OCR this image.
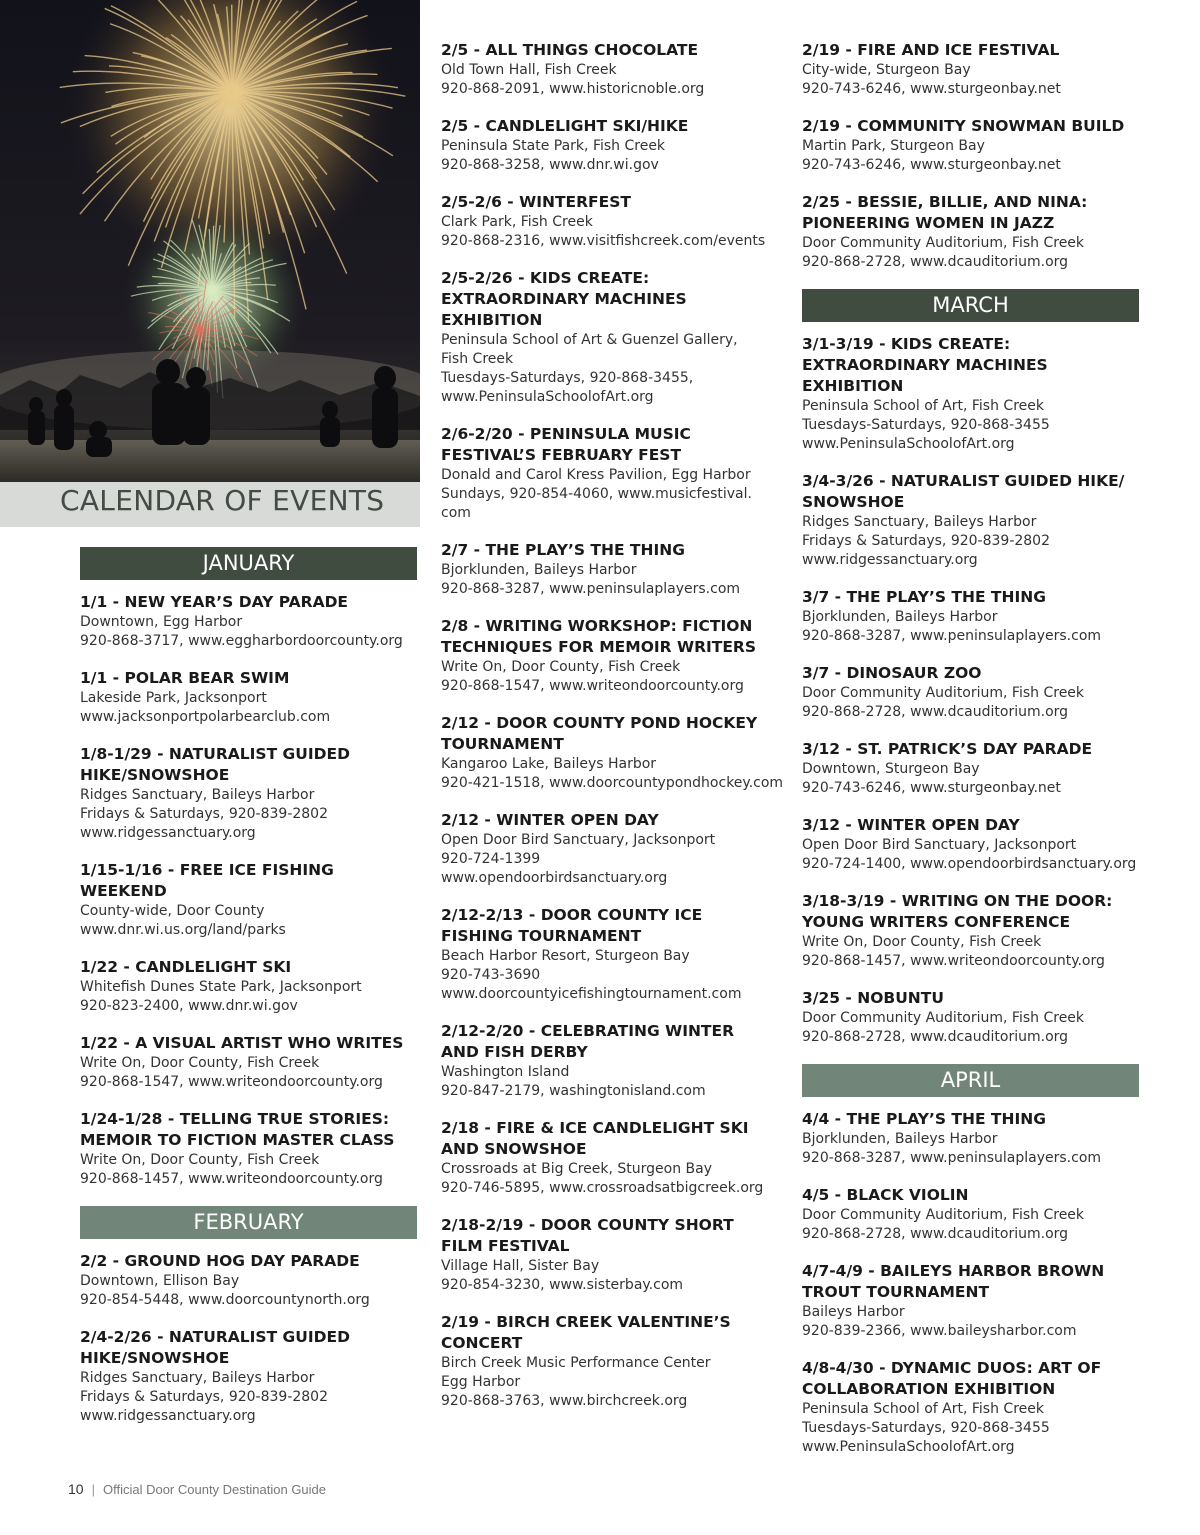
CALENDAR OF EVENTS
JANUARY
1/1 - NEW YEAR’S DAY PARADE
Downtown, Egg Harbor
920-868-3717, www.eggharbordoorcounty.org
1/1 - POLAR BEAR SWIM
Lakeside Park, Jacksonport
www.jacksonportpolarbearclub.com
1/8-1/29 - NATURALIST GUIDED
HIKE/SNOWSHOE
Ridges Sanctuary, Baileys Harbor
Fridays & Saturdays, 920-839-2802
www.ridgessanctuary.org
1/15-1/16 - FREE ICE FISHING
WEEKEND
County-wide, Door County
www.dnr.wi.us.org/land/parks
1/22 - CANDLELIGHT SKI
Whitefish Dunes State Park, Jacksonport
920-823-2400, www.dnr.wi.gov
1/22 - A VISUAL ARTIST WHO WRITES
Write On, Door County, Fish Creek
920-868-1547, www.writeondoorcounty.org
1/24-1/28 - TELLING TRUE STORIES:
MEMOIR TO FICTION MASTER CLASS
Write On, Door County, Fish Creek
920-868-1457, www.writeondoorcounty.org
FEBRUARY
2/2 - GROUND HOG DAY PARADE
Downtown, Ellison Bay
920-854-5448, www.doorcountynorth.org
2/4-2/26 - NATURALIST GUIDED
HIKE/SNOWSHOE
Ridges Sanctuary, Baileys Harbor
Fridays & Saturdays, 920-839-2802
www.ridgessanctuary.org
2/5 - ALL THINGS CHOCOLATE
Old Town Hall, Fish Creek
920-868-2091, www.historicnoble.org
2/5 - CANDLELIGHT SKI/HIKE
Peninsula State Park, Fish Creek
920-868-3258, www.dnr.wi.gov
2/5-2/6 - WINTERFEST
Clark Park, Fish Creek
920-868-2316, www.visitfishcreek.com/events
2/5-2/26 - KIDS CREATE:
EXTRAORDINARY MACHINES
EXHIBITION
Peninsula School of Art & Guenzel Gallery,
Fish Creek
Tuesdays-Saturdays, 920-868-3455,
www.PeninsulaSchoolofArt.org
2/6-2/20 - PENINSULA MUSIC
FESTIVAL’S FEBRUARY FEST
Donald and Carol Kress Pavilion, Egg Harbor
Sundays, 920-854-4060, www.musicfestival.
com
2/7 - THE PLAY’S THE THING
Bjorklunden, Baileys Harbor
920-868-3287, www.peninsulaplayers.com
2/8 - WRITING WORKSHOP: FICTION
TECHNIQUES FOR MEMOIR WRITERS
Write On, Door County, Fish Creek
920-868-1547, www.writeondoorcounty.org
2/12 - DOOR COUNTY POND HOCKEY
TOURNAMENT
Kangaroo Lake, Baileys Harbor
920-421-1518, www.doorcountypondhockey.com
2/12 - WINTER OPEN DAY
Open Door Bird Sanctuary, Jacksonport
920-724-1399
www.opendoorbirdsanctuary.org
2/12-2/13 - DOOR COUNTY ICE
FISHING TOURNAMENT
Beach Harbor Resort, Sturgeon Bay
920-743-3690
www.doorcountyicefishingtournament.com
2/12-2/20 - CELEBRATING WINTER
AND FISH DERBY
Washington Island
920-847-2179, washingtonisland.com
2/18 - FIRE & ICE CANDLELIGHT SKI
AND SNOWSHOE
Crossroads at Big Creek, Sturgeon Bay
920-746-5895, www.crossroadsatbigcreek.org
2/18-2/19 - DOOR COUNTY SHORT
FILM FESTIVAL
Village Hall, Sister Bay
920-854-3230, www.sisterbay.com
2/19 - BIRCH CREEK VALENTINE’S
CONCERT
Birch Creek Music Performance Center
Egg Harbor
920-868-3763, www.birchcreek.org
2/19 - FIRE AND ICE FESTIVAL
City-wide, Sturgeon Bay
920-743-6246, www.sturgeonbay.net
2/19 - COMMUNITY SNOWMAN BUILD
Martin Park, Sturgeon Bay
920-743-6246, www.sturgeonbay.net
2/25 - BESSIE, BILLIE, AND NINA:
PIONEERING WOMEN IN JAZZ
Door Community Auditorium, Fish Creek
920-868-2728, www.dcauditorium.org
MARCH
3/1-3/19 - KIDS CREATE:
EXTRAORDINARY MACHINES
EXHIBITION
Peninsula School of Art, Fish Creek
Tuesdays-Saturdays, 920-868-3455
www.PeninsulaSchoolofArt.org
3/4-3/26 - NATURALIST GUIDED HIKE/
SNOWSHOE
Ridges Sanctuary, Baileys Harbor
Fridays & Saturdays, 920-839-2802
www.ridgessanctuary.org
3/7 - THE PLAY’S THE THING
Bjorklunden, Baileys Harbor
920-868-3287, www.peninsulaplayers.com
3/7 - DINOSAUR ZOO
Door Community Auditorium, Fish Creek
920-868-2728, www.dcauditorium.org
3/12 - ST. PATRICK’S DAY PARADE
Downtown, Sturgeon Bay
920-743-6246, www.sturgeonbay.net
3/12 - WINTER OPEN DAY
Open Door Bird Sanctuary, Jacksonport
920-724-1400, www.opendoorbirdsanctuary.org
3/18-3/19 - WRITING ON THE DOOR:
YOUNG WRITERS CONFERENCE
Write On, Door County, Fish Creek
920-868-1457, www.writeondoorcounty.org
3/25 - NOBUNTU
Door Community Auditorium, Fish Creek
920-868-2728, www.dcauditorium.org
APRIL
4/4 - THE PLAY’S THE THING
Bjorklunden, Baileys Harbor
920-868-3287, www.peninsulaplayers.com
4/5 - BLACK VIOLIN
Door Community Auditorium, Fish Creek
920-868-2728, www.dcauditorium.org
4/7-4/9 - BAILEYS HARBOR BROWN
TROUT TOURNAMENT
Baileys Harbor
920-839-2366, www.baileysharbor.com
4/8-4/30 - DYNAMIC DUOS: ART OF
COLLABORATION EXHIBITION
Peninsula School of Art, Fish Creek
Tuesdays-Saturdays, 920-868-3455
www.PeninsulaSchoolofArt.org
10 | Official Door County Destination Guide
